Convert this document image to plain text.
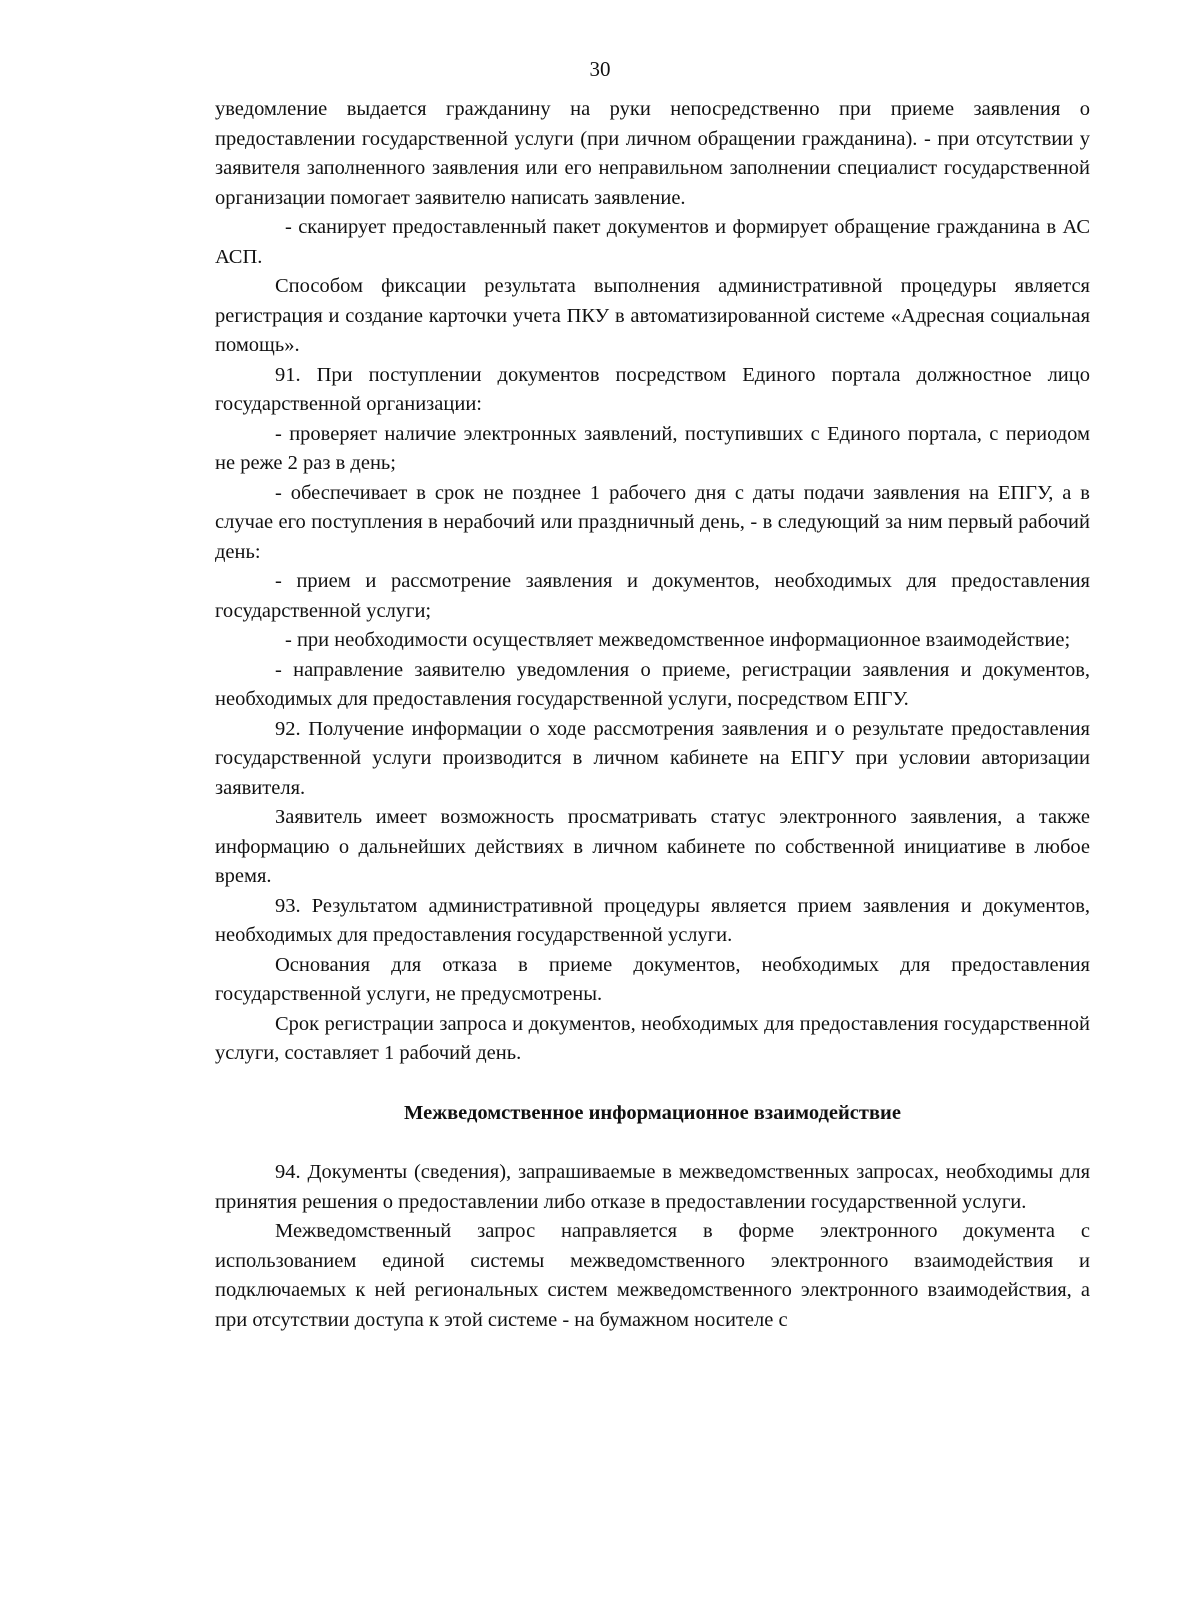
30

уведомление выдается гражданину на руки непосредственно при приеме заявления о предоставлении государственной услуги (при личном обращении гражданина). - при отсутствии у заявителя заполненного заявления или его неправильном заполнении специалист государственной организации помогает заявителю написать заявление.

- сканирует предоставленный пакет документов и формирует обращение гражданина в АС АСП.

Способом фиксации результата выполнения административной процедуры является регистрация и создание карточки учета ПКУ в автоматизированной системе «Адресная социальная помощь».

91. При поступлении документов посредством Единого портала должностное лицо государственной организации:

- проверяет наличие электронных заявлений, поступивших с Единого портала, с периодом не реже 2 раз в день;

- обеспечивает в срок не позднее 1 рабочего дня с даты подачи заявления на ЕПГУ, а в случае его поступления в нерабочий или праздничный день, - в следующий за ним первый рабочий день:

- прием и рассмотрение заявления и документов, необходимых для предоставления государственной услуги;

- при необходимости осуществляет межведомственное информационное взаимодействие;

- направление заявителю уведомления о приеме, регистрации заявления и документов, необходимых для предоставления государственной услуги, посредством ЕПГУ.

92. Получение информации о ходе рассмотрения заявления и о результате предоставления государственной услуги производится в личном кабинете на ЕПГУ при условии авторизации заявителя.

Заявитель имеет возможность просматривать статус электронного заявления, а также информацию о дальнейших действиях в личном кабинете по собственной инициативе в любое время.

93. Результатом административной процедуры является прием заявления и документов, необходимых для предоставления государственной услуги.

Основания для отказа в приеме документов, необходимых для предоставления государственной услуги, не предусмотрены.

Срок регистрации запроса и документов, необходимых для предоставления государственной услуги, составляет 1 рабочий день.

Межведомственное информационное взаимодействие

94. Документы (сведения), запрашиваемые в межведомственных запросах, необходимы для принятия решения о предоставлении либо отказе в предоставлении государственной услуги.

Межведомственный запрос направляется в форме электронного документа с использованием единой системы межведомственного электронного взаимодействия и подключаемых к ней региональных систем межведомственного электронного взаимодействия, а при отсутствии доступа к этой системе - на бумажном носителе с
